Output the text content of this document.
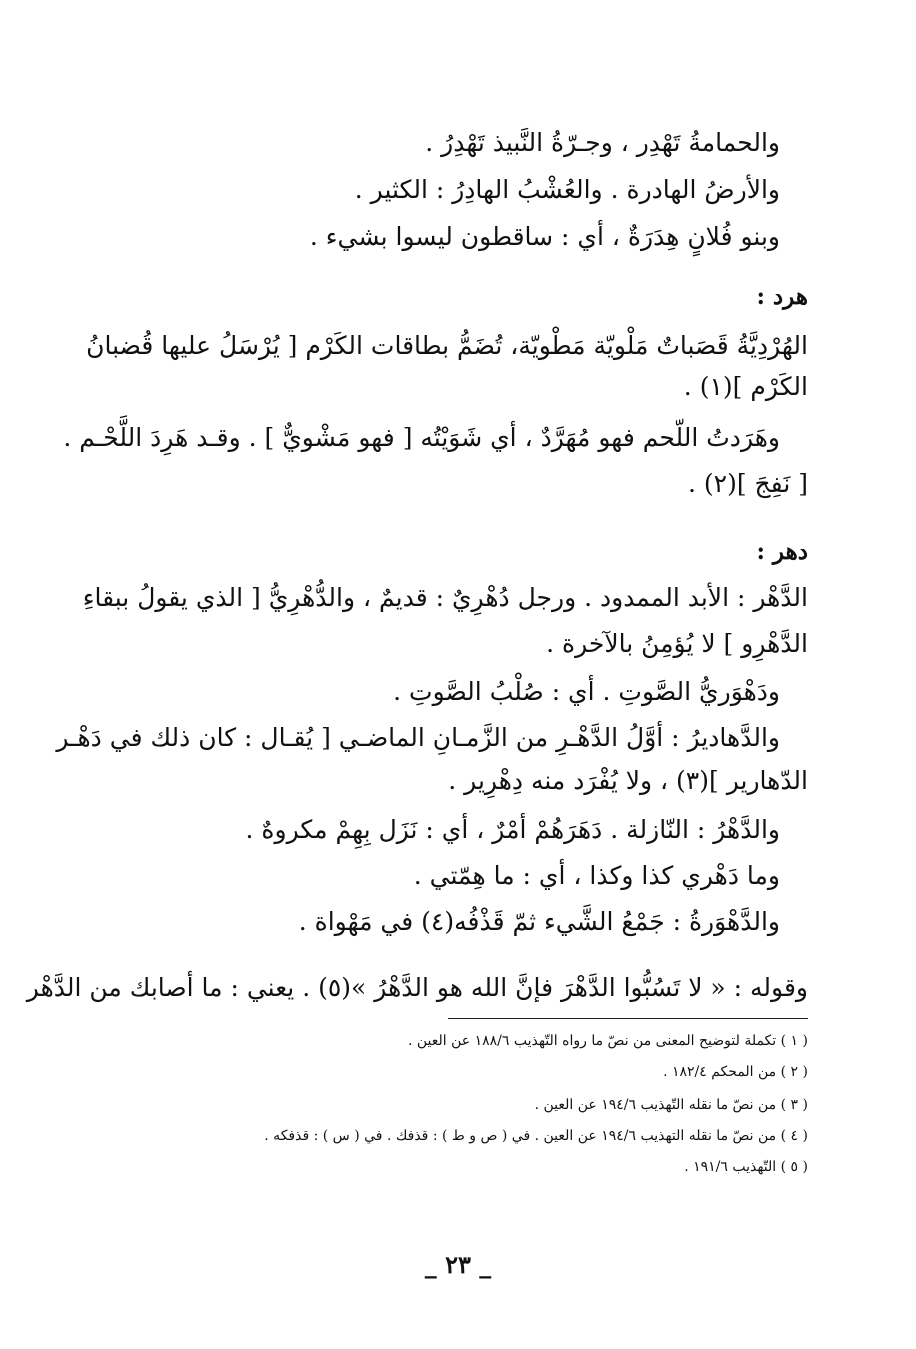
والحمامةُ تَهْدِر ، وجـرّةُ النَّبيذ تَهْدِرُ .
والأرضُ الهادرة . والعُشْبُ الهادِرُ : الكثير .
وبنو فُلانٍ هِدَرَةٌ ، أي : ساقطون ليسوا بشيء .
هرد :
الهُرْدِيَّةُ قَصَباتٌ مَلْويّة مَطْويّة، تُضَمُّ بطاقات الكَرْم [ يُرْسَلُ عليها قُضبانُ
الكَرْم ](١) .
وهَرَدتُ اللّحم فهو مُهَرَّدٌ ، أي شَوَيْتُه [ فهو مَشْويٌّ ] . وقـد هَرِدَ اللَّحْـم .
[ نَفِجَ ](٢) .
دهر :
الدَّهْر : الأبد الممدود . ورجل دُهْرِيٌ : قديمٌ ، والدُّهْرِيُّ [ الذي يقولُ ببقاءِ
الدَّهْرِو ] لا يُؤمِنُ بالآخرة .
ودَهْوَريُّ الصَّوتِ . أي : صُلْبُ الصَّوتِ .
والدَّهاديرُ : أوَّلُ الدَّهْـرِ من الزَّمـانِ الماضـي [ يُقـال : كان ذلك في دَهْـر
الدّهارير ](٣) ، ولا يُفْرَد منه دِهْرِير .
والدَّهْرُ : النّازلة . دَهَرَهُمْ أمْرٌ ، أي : نَزَل بِهِمْ مكروهٌ .
وما دَهْري كذا وكذا ، أي : ما هِمّتي .
والدَّهْوَرةُ : جَمْعُ الشَّيء ثمّ قَذْفُه(٤) في مَهْواة .
وقوله : « لا تَسُبُّوا الدَّهْرَ فإنَّ الله هو الدَّهْرُ »(٥) . يعني : ما أصابك من الدَّهْر
( ١ ) تكملة لتوضيح المعنى من نصّ ما رواه التّهذيب ١٨٨/٦ عن العين .
( ٢ ) من المحكم ١٨٢/٤ .
( ٣ ) من نصّ ما نقله التّهذيب ١٩٤/٦ عن العين .
( ٤ ) من نصّ ما نقله التهذيب ١٩٤/٦ عن العين . في ( ص و ط ) : قذفك . في ( س ) : قذفكه .
( ٥ ) التّهذيب ١٩١/٦ .
_ ٢٣ _
